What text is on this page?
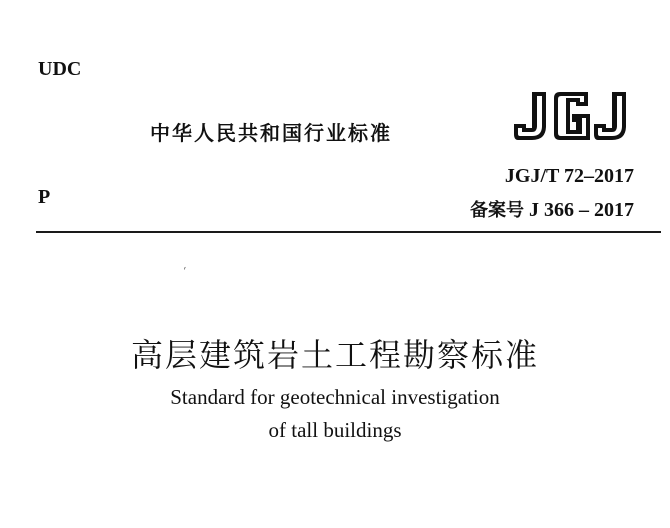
UDC
中华人民共和国行业标准
JGJ
P
JGJ/T 72–2017
备案号 J 366 – 2017
ˊ
高层建筑岩土工程勘察标准
Standard for geotechnical investigation
of tall buildings
